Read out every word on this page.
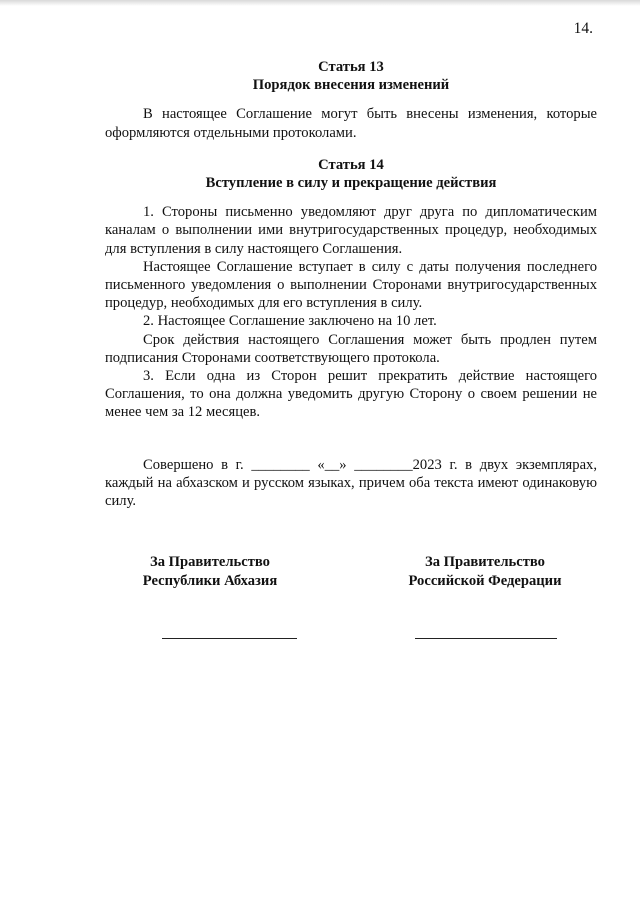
14.
Статья 13
Порядок внесения изменений

В настоящее Соглашение могут быть внесены изменения, которые оформляются отдельными протоколами.

Статья 14
Вступление в силу и прекращение действия

1. Стороны письменно уведомляют друг друга по дипломатическим каналам о выполнении ими внутригосударственных процедур, необходимых для вступления в силу настоящего Соглашения.

Настоящее Соглашение вступает в силу с даты получения последнего письменного уведомления о выполнении Сторонами внутригосударственных процедур, необходимых для его вступления в силу.

2. Настоящее Соглашение заключено на 10 лет.

Срок действия настоящего Соглашения может быть продлен путем подписания Сторонами соответствующего протокола.

3. Если одна из Сторон решит прекратить действие настоящего Соглашения, то она должна уведомить другую Сторону о своем решении не менее чем за 12 месяцев.

Совершено в г. ________ «__» ________2023 г. в двух экземплярах, каждый на абхазском и русском языках, причем оба текста имеют одинаковую силу.

За Правительство
Республики Абхазия
За Правительство
Российской Федерации
